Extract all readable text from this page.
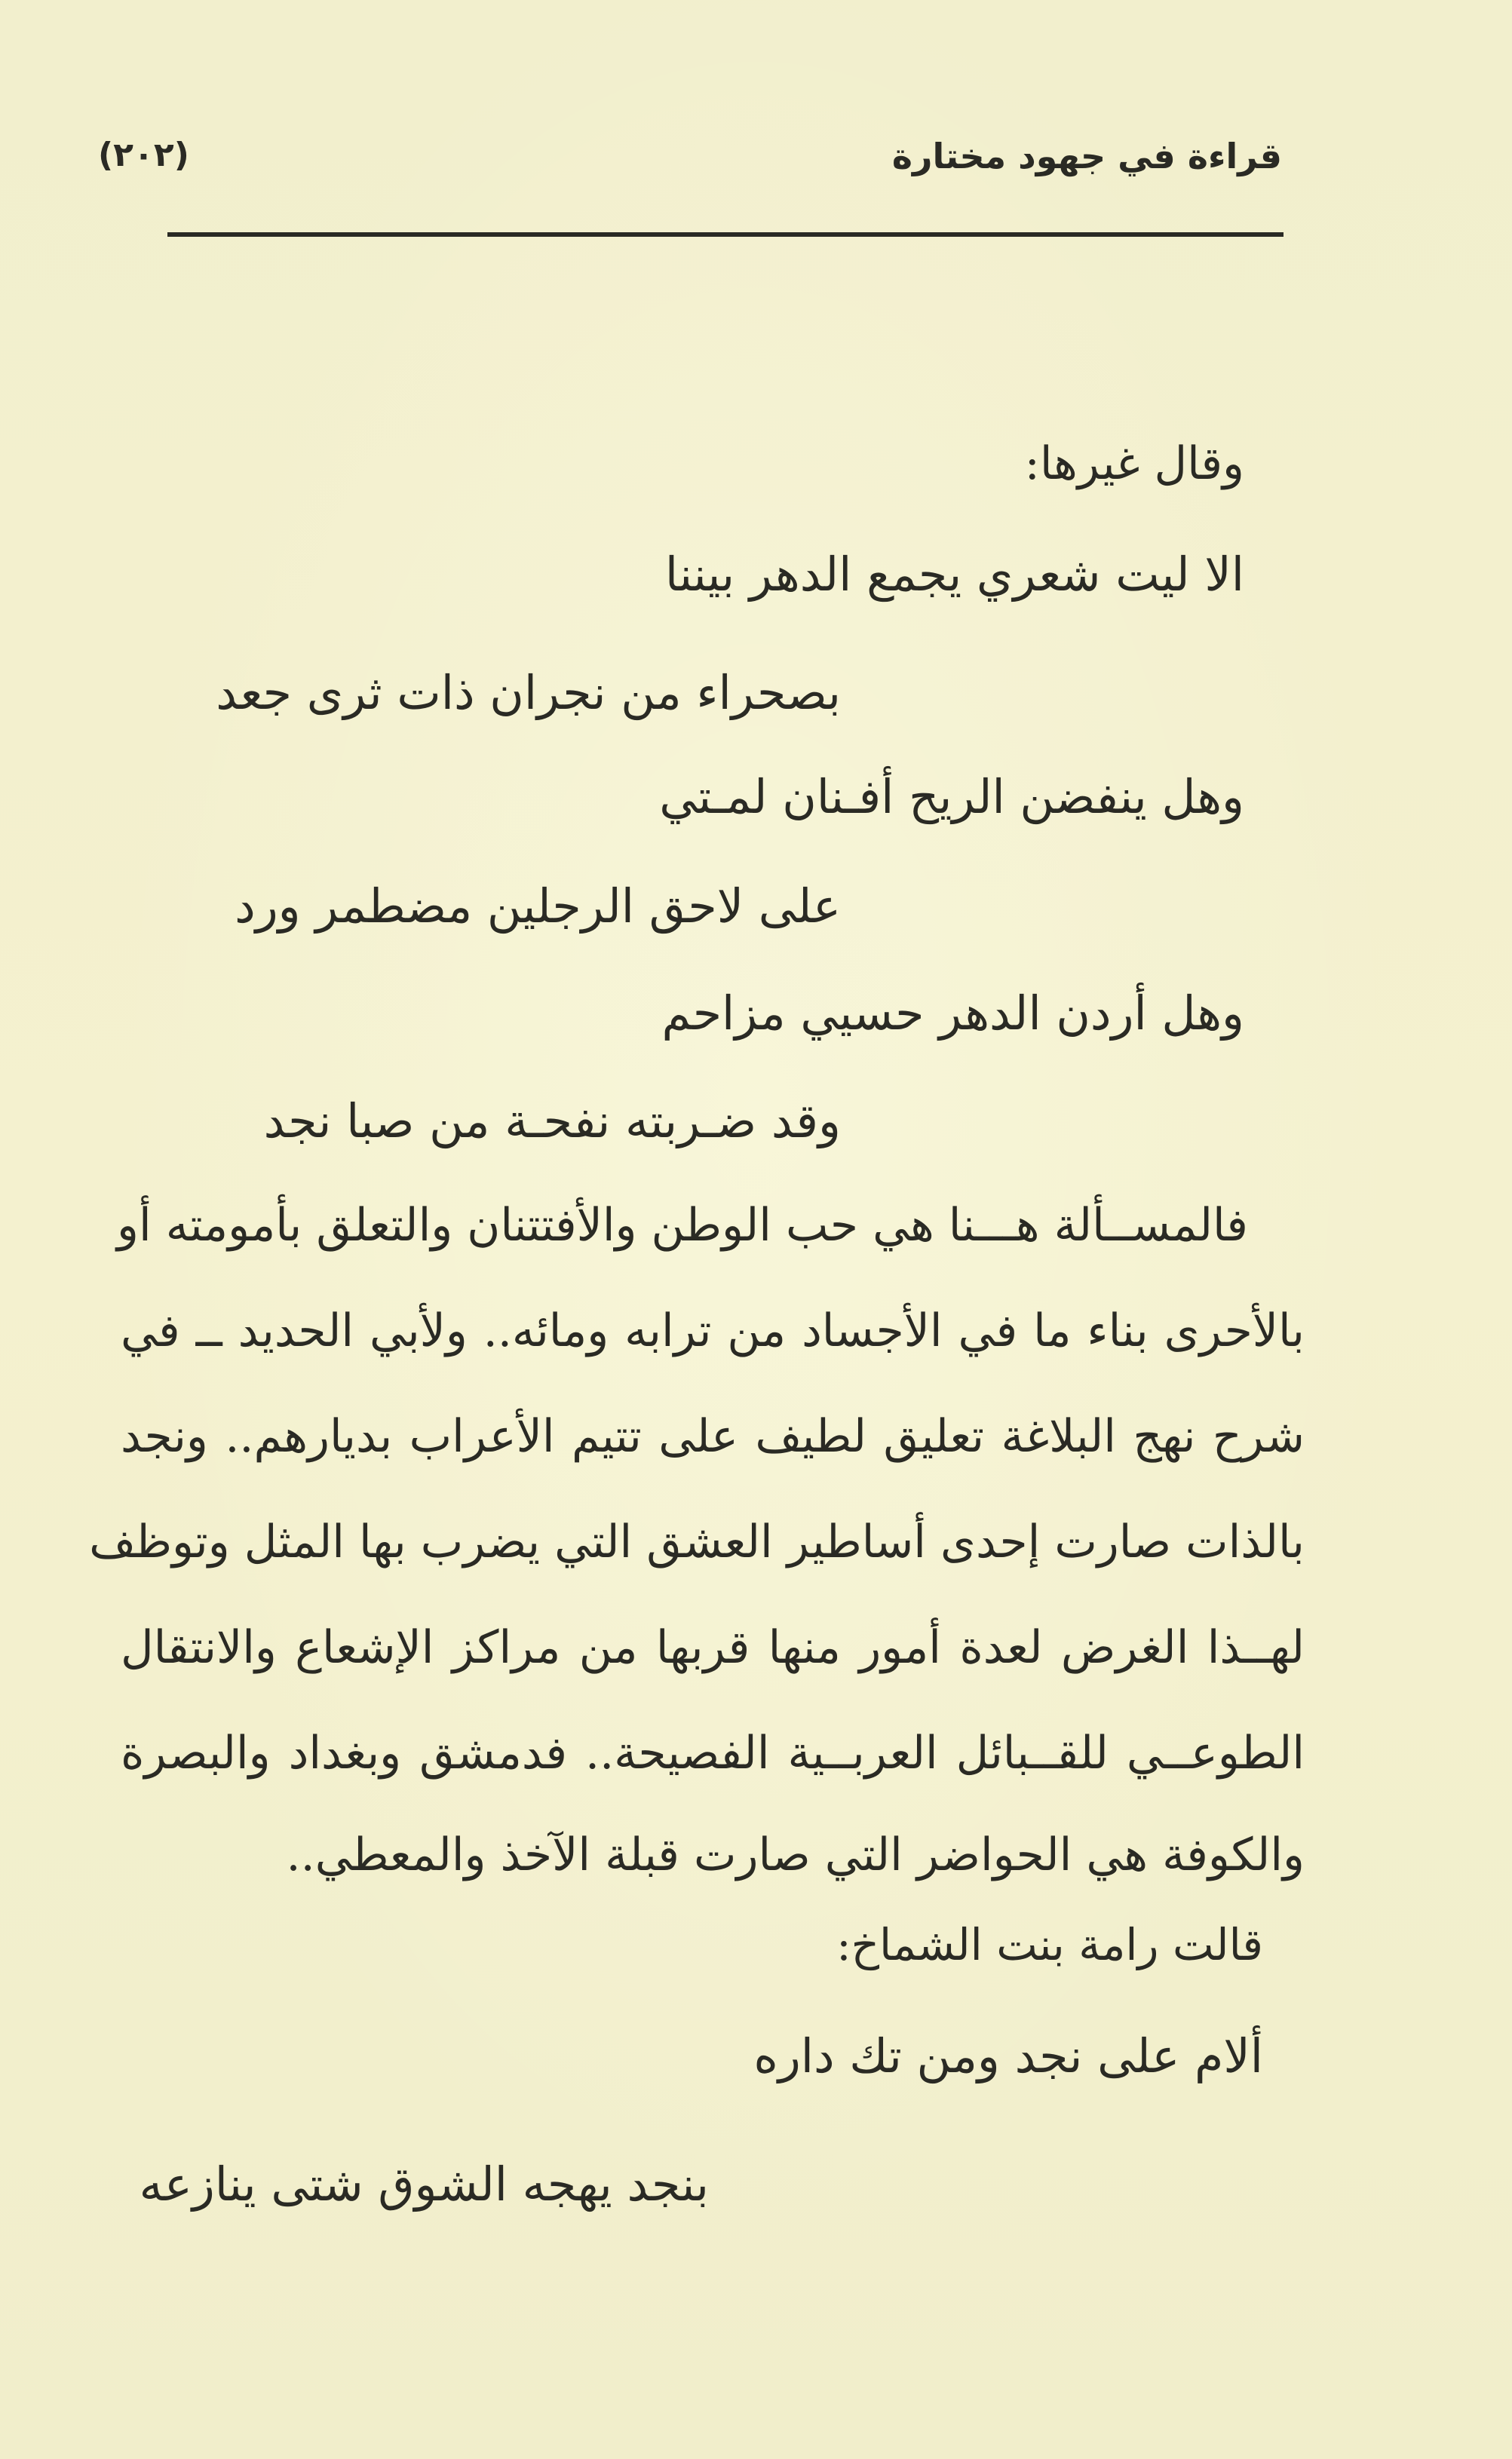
قراءة في جهود مختارة
(٢٠٢)
وقال غيرها:
الا ليت شعري يجمع الدهر بيننا
بصحراء من نجران ذات ثرى جعد
وهل ينفضن الريح أفـنان لمـتي
على لاحق الرجلين مضطمر ورد
وهل أردن الدهر حسيي مزاحم
وقد ضـربته نفحـة من صبا نجد
فالمســألة هـــنا هي حب الوطن والأفتتنان والتعلق بأمومته أو
بالأحرى بناء ما في الأجساد من ترابه ومائه.. ولأبي الحديد ــ في
شرح نهج البلاغة تعليق لطيف على تتيم الأعراب بديارهم.. ونجد
بالذات صارت إحدى أساطير العشق التي يضرب بها المثل وتوظف
لهــذا الغرض لعدة أمور منها قربها من مراكز الإشعاع والانتقال
الطوعــي للقــبائل العربــية الفصيحة.. فدمشق وبغداد والبصرة
والكوفة هي الحواضر التي صارت قبلة الآخذ والمعطي..
قالت رامة بنت الشماخ:
ألام على نجد ومن تك داره
بنجد يهجه الشوق شتى ينازعه
